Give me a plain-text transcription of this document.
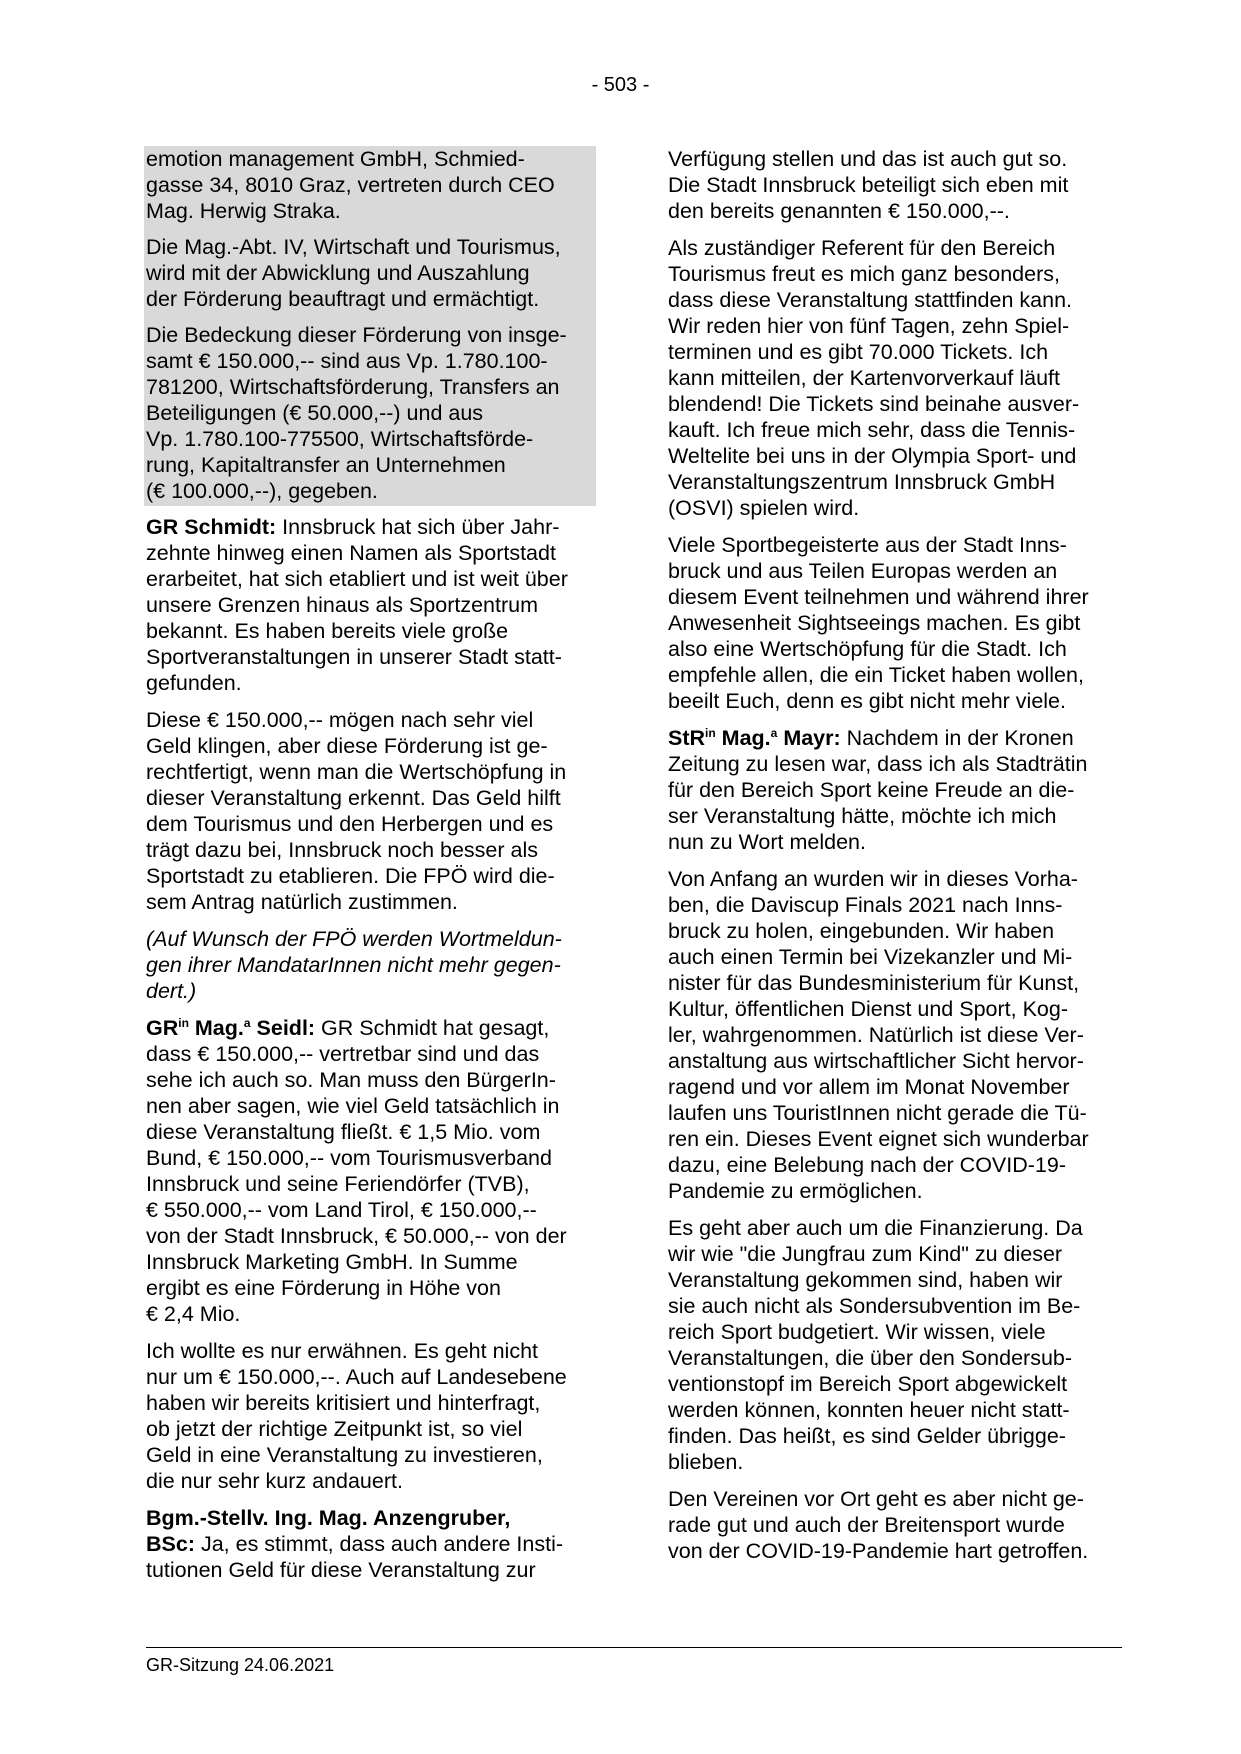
- 503 -
emotion management GmbH, Schmied-
gasse 34, 8010 Graz, vertreten durch CEO
Mag. Herwig Straka.
Die Mag.-Abt. IV, Wirtschaft und Tourismus,
wird mit der Abwicklung und Auszahlung
der Förderung beauftragt und ermächtigt.
Die Bedeckung dieser Förderung von insge-
samt € 150.000,-- sind aus Vp. 1.780.100-
781200, Wirtschaftsförderung, Transfers an
Beteiligungen (€ 50.000,--) und aus
Vp. 1.780.100-775500, Wirtschaftsförde-
rung, Kapitaltransfer an Unternehmen
(€ 100.000,--), gegeben.
GR Schmidt: Innsbruck hat sich über Jahr-
zehnte hinweg einen Namen als Sportstadt
erarbeitet, hat sich etabliert und ist weit über
unsere Grenzen hinaus als Sportzentrum
bekannt. Es haben bereits viele große
Sportveranstaltungen in unserer Stadt statt-
gefunden.
Diese € 150.000,-- mögen nach sehr viel
Geld klingen, aber diese Förderung ist ge-
rechtfertigt, wenn man die Wertschöpfung in
dieser Veranstaltung erkennt. Das Geld hilft
dem Tourismus und den Herbergen und es
trägt dazu bei, Innsbruck noch besser als
Sportstadt zu etablieren. Die FPÖ wird die-
sem Antrag natürlich zustimmen.
(Auf Wunsch der FPÖ werden Wortmeldun-
gen ihrer MandatarInnen nicht mehr gegen-
dert.)
$GR^{in}$ Mag.$^a$ Seidl: GR Schmidt hat gesagt,
dass € 150.000,-- vertretbar sind und das
sehe ich auch so. Man muss den BürgerIn-
nen aber sagen, wie viel Geld tatsächlich in
diese Veranstaltung fließt. € 1,5 Mio. vom
Bund, € 150.000,-- vom Tourismusverband
Innsbruck und seine Feriendörfer (TVB),
€ 550.000,-- vom Land Tirol, € 150.000,--
von der Stadt Innsbruck, € 50.000,-- von der
Innsbruck Marketing GmbH. In Summe
ergibt es eine Förderung in Höhe von
€ 2,4 Mio.
Ich wollte es nur erwähnen. Es geht nicht
nur um € 150.000,--. Auch auf Landesebene
haben wir bereits kritisiert und hinterfragt,
ob jetzt der richtige Zeitpunkt ist, so viel
Geld in eine Veranstaltung zu investieren,
die nur sehr kurz andauert.
Bgm.-Stellv. Ing. Mag. Anzengruber,
BSc: Ja, es stimmt, dass auch andere Insti-
tutionen Geld für diese Veranstaltung zur
Verfügung stellen und das ist auch gut so.
Die Stadt Innsbruck beteiligt sich eben mit
den bereits genannten € 150.000,--.
Als zuständiger Referent für den Bereich
Tourismus freut es mich ganz besonders,
dass diese Veranstaltung stattfinden kann.
Wir reden hier von fünf Tagen, zehn Spiel-
terminen und es gibt 70.000 Tickets. Ich
kann mitteilen, der Kartenvorverkauf läuft
blendend! Die Tickets sind beinahe ausver-
kauft. Ich freue mich sehr, dass die Tennis-
Weltelite bei uns in der Olympia Sport- und
Veranstaltungszentrum Innsbruck GmbH
(OSVI) spielen wird.
Viele Sportbegeisterte aus der Stadt Inns-
bruck und aus Teilen Europas werden an
diesem Event teilnehmen und während ihrer
Anwesenheit Sightseeings machen. Es gibt
also eine Wertschöpfung für die Stadt. Ich
empfehle allen, die ein Ticket haben wollen,
beeilt Euch, denn es gibt nicht mehr viele.
StR$^{in}$ Mag.$^a$ Mayr: Nachdem in der Kronen
Zeitung zu lesen war, dass ich als Stadträtin
für den Bereich Sport keine Freude an die-
ser Veranstaltung hätte, möchte ich mich
nun zu Wort melden.
Von Anfang an wurden wir in dieses Vorha-
ben, die Daviscup Finals 2021 nach Inns-
bruck zu holen, eingebunden. Wir haben
auch einen Termin bei Vizekanzler und Mi-
nister für das Bundesministerium für Kunst,
Kultur, öffentlichen Dienst und Sport, Kog-
ler, wahrgenommen. Natürlich ist diese Ver-
anstaltung aus wirtschaftlicher Sicht hervor-
ragend und vor allem im Monat November
laufen uns TouristInnen nicht gerade die Tü-
ren ein. Dieses Event eignet sich wunderbar
dazu, eine Belebung nach der COVID-19-
Pandemie zu ermöglichen.
Es geht aber auch um die Finanzierung. Da
wir wie "die Jungfrau zum Kind" zu dieser
Veranstaltung gekommen sind, haben wir
sie auch nicht als Sondersubvention im Be-
reich Sport budgetiert. Wir wissen, viele
Veranstaltungen, die über den Sondersub-
ventionstopf im Bereich Sport abgewickelt
werden können, konnten heuer nicht statt-
finden. Das heißt, es sind Gelder übrigge-
blieben.
Den Vereinen vor Ort geht es aber nicht ge-
rade gut und auch der Breitensport wurde
von der COVID-19-Pandemie hart getroffen.
GR-Sitzung 24.06.2021
